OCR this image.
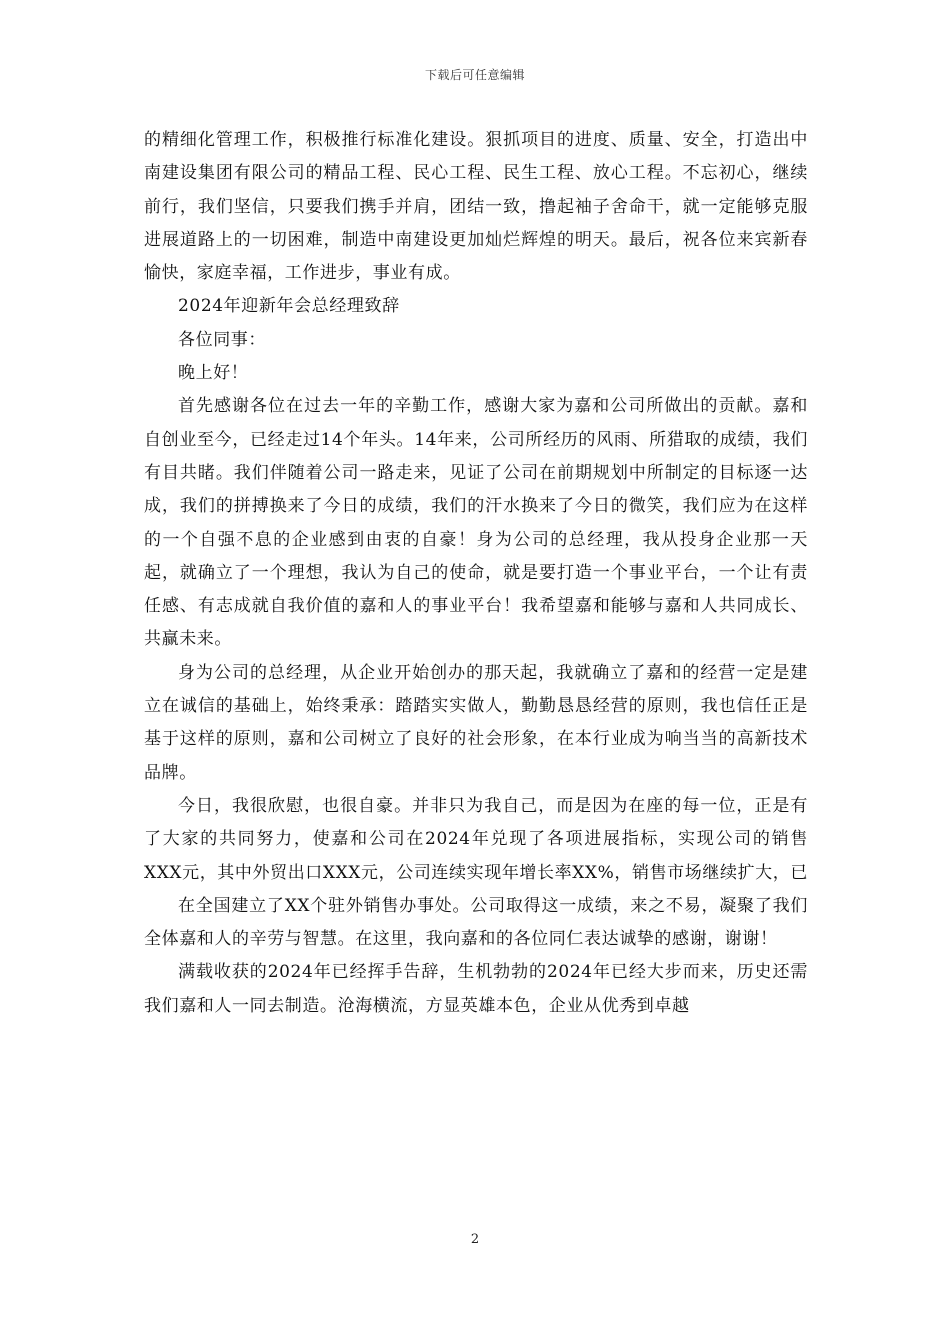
下载后可任意编辑

的精细化管理工作，积极推行标准化建设。狠抓项目的进度、质量、安全，打造出中南建设集团有限公司的精品工程、民心工程、民生工程、放心工程。不忘初心，继续前行，我们坚信，只要我们携手并肩，团结一致，撸起袖子舍命干，就一定能够克服进展道路上的一切困难，制造中南建设更加灿烂辉煌的明天。最后，祝各位来宾新春愉快，家庭幸福，工作进步，事业有成。

2024年迎新年会总经理致辞

各位同事：

晚上好！

首先感谢各位在过去一年的辛勤工作，感谢大家为嘉和公司所做出的贡献。嘉和自创业至今，已经走过14个年头。14年来，公司所经历的风雨、所猎取的成绩，我们有目共睹。我们伴随着公司一路走来，见证了公司在前期规划中所制定的目标逐一达成，我们的拼搏换来了今日的成绩，我们的汗水换来了今日的微笑，我们应为在这样的一个自强不息的企业感到由衷的自豪！身为公司的总经理，我从投身企业那一天起，就确立了一个理想，我认为自己的使命，就是要打造一个事业平台，一个让有责任感、有志成就自我价值的嘉和人的事业平台！我希望嘉和能够与嘉和人共同成长、共赢未来。

身为公司的总经理，从企业开始创办的那天起，我就确立了嘉和的经营一定是建立在诚信的基础上，始终秉承：踏踏实实做人，勤勤恳恳经营的原则，我也信任正是基于这样的原则，嘉和公司树立了良好的社会形象，在本行业成为响当当的高新技术品牌。

今日，我很欣慰，也很自豪。并非只为我自己，而是因为在座的每一位，正是有了大家的共同努力，使嘉和公司在2024年兑现了各项进展指标，实现公司的销售XXX元，其中外贸出口XXX元，公司连续实现年增长率XX%，销售市场继续扩大，已

在全国建立了XX个驻外销售办事处。公司取得这一成绩，来之不易，凝聚了我们全体嘉和人的辛劳与智慧。在这里，我向嘉和的各位同仁表达诚挚的感谢，谢谢！

满载收获的2024年已经挥手告辞，生机勃勃的2024年已经大步而来，历史还需我们嘉和人一同去制造。沧海横流，方显英雄本色，企业从优秀到卓越

2
